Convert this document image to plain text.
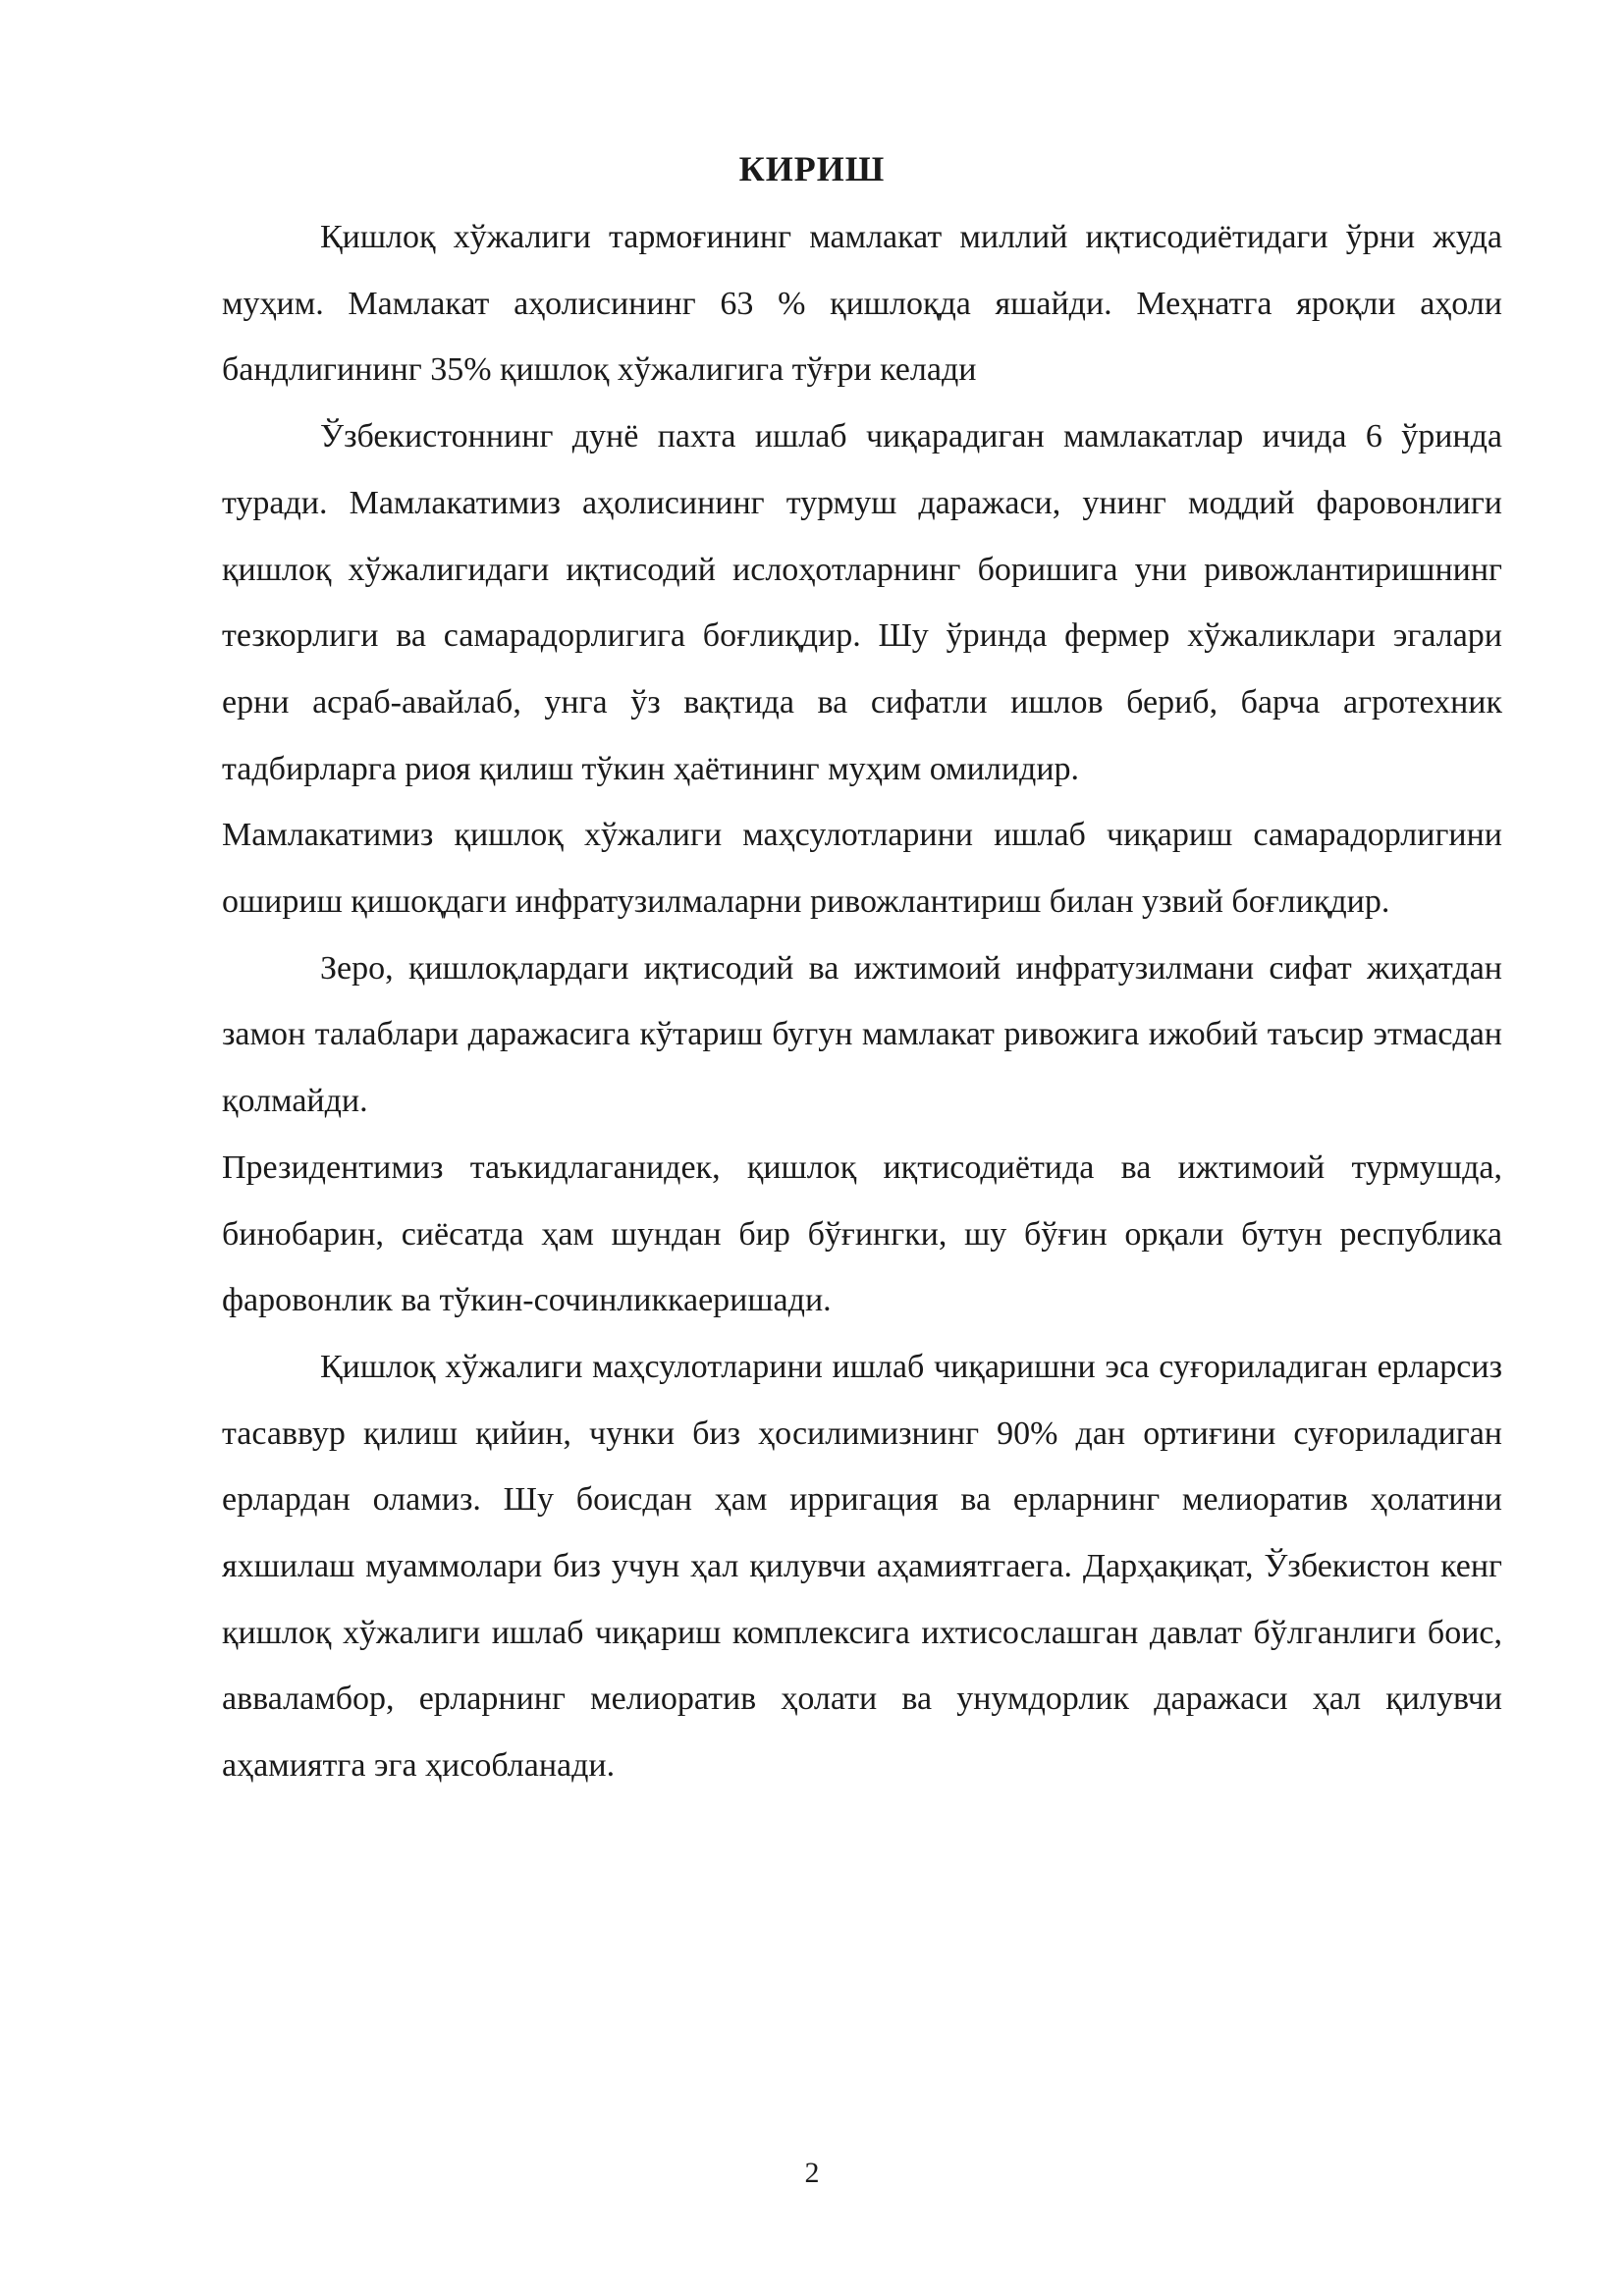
КИРИШ

Қишлоқ хўжалиги тармоғининг мамлакат миллий иқтисодиётидаги ўрни жуда муҳим. Мамлакат аҳолисининг 63 % қишлоқда яшайди. Меҳнатга яроқли аҳоли бандлигининг 35% қишлоқ хўжалигига тўғри келади

Ўзбекистоннинг дунё пахта ишлаб чиқарадиган мамлакатлар ичида 6 ўринда туради. Мамлакатимиз аҳолисининг турмуш даражаси, унинг моддий фаровонлиги қишлоқ хўжалигидаги иқтисодий ислоҳотларнинг боришига уни ривожлантиришнинг тезкорлиги ва самарадорлигига боғлиқдир. Шу ўринда фермер хўжаликлари эгалари ерни асраб-авайлаб, унга ўз вақтида ва сифатли ишлов бериб, барча агротехник тадбирларга риоя қилиш тўкин ҳаётининг муҳим омилидир.

Мамлакатимиз қишлоқ хўжалиги маҳсулотларини ишлаб чиқариш самарадорлигини ошириш қишоқдаги инфратузилмаларни ривожлантириш билан узвий боғлиқдир.

Зеро, қишлоқлардаги иқтисодий ва ижтимоий инфратузилмани сифат жиҳатдан замон талаблари даражасига кўтариш бугун мамлакат ривожига ижобий таъсир этмасдан қолмайди.

Президентимиз таъкидлаганидек, қишлоқ иқтисодиётида ва ижтимоий турмушда, бинобарин, сиёсатда ҳам шундан бир бўғингки, шу бўғин орқали бутун республика фаровонлик ва тўкин-сочинликкаеришади.

Қишлоқ хўжалиги маҳсулотларини ишлаб чиқаришни эса суғориладиган ерларсиз тасаввур қилиш қийин, чунки биз ҳосилимизнинг 90% дан ортиғини суғориладиган ерлардан оламиз. Шу боисдан ҳам ирригация ва ерларнинг мелиоратив ҳолатини яхшилаш муаммолари биз учун ҳал қилувчи аҳамиятгаега. Дарҳақиқат, Ўзбекистон кенг қишлоқ хўжалиги ишлаб чиқариш комплексига ихтисослашган давлат бўлганлиги боис, авваламбор, ерларнинг мелиоратив ҳолати ва унумдорлик даражаси ҳал қилувчи аҳамиятга эга ҳисобланади.

2
